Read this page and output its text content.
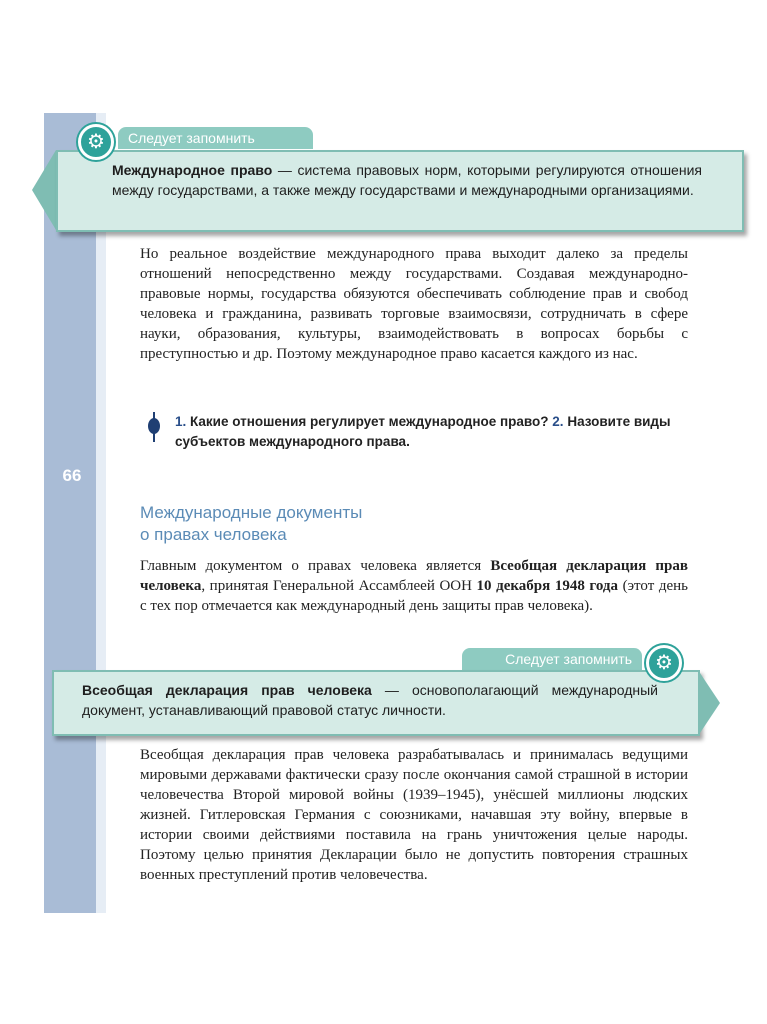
66
Следует запомнить
Международное право — система правовых норм, которыми регулируются отношения между государствами, а также между государствами и международными организациями.
⚙
Но реальное воздействие международного права выходит далеко за пределы отношений непосредственно между государствами. Создавая международно-правовые нормы, государства обязуются обеспечивать соблюдение прав и свобод человека и гражданина, развивать торговые взаимосвязи, сотрудничать в сфере науки, образования, культуры, взаимодействовать в вопросах борьбы с преступностью и др. Поэтому международное право касается каждого из нас.
1. Какие отношения регулирует международное право? 2. Назовите виды субъектов международного права.
Международные документы
о правах человека
Главным документом о правах человека является Всеобщая декларация прав человека, принятая Генеральной Ассамблеей ООН 10 декабря 1948 года (этот день с тех пор отмечается как международный день защиты прав человека).
Следует запомнить
Всеобщая декларация прав человека — основополагающий международный документ, устанавливающий правовой статус личности.
⚙
Всеобщая декларация прав человека разрабатывалась и принималась ведущими мировыми державами фактически сразу после окончания самой страшной в истории человечества Второй мировой войны (1939–1945), унёсшей миллионы людских жизней. Гитлеровская Германия с союзниками, начавшая эту войну, впервые в истории своими действиями поставила на грань уничтожения целые народы. Поэтому целью принятия Декларации было не допустить повторения страшных военных преступлений против человечества.
